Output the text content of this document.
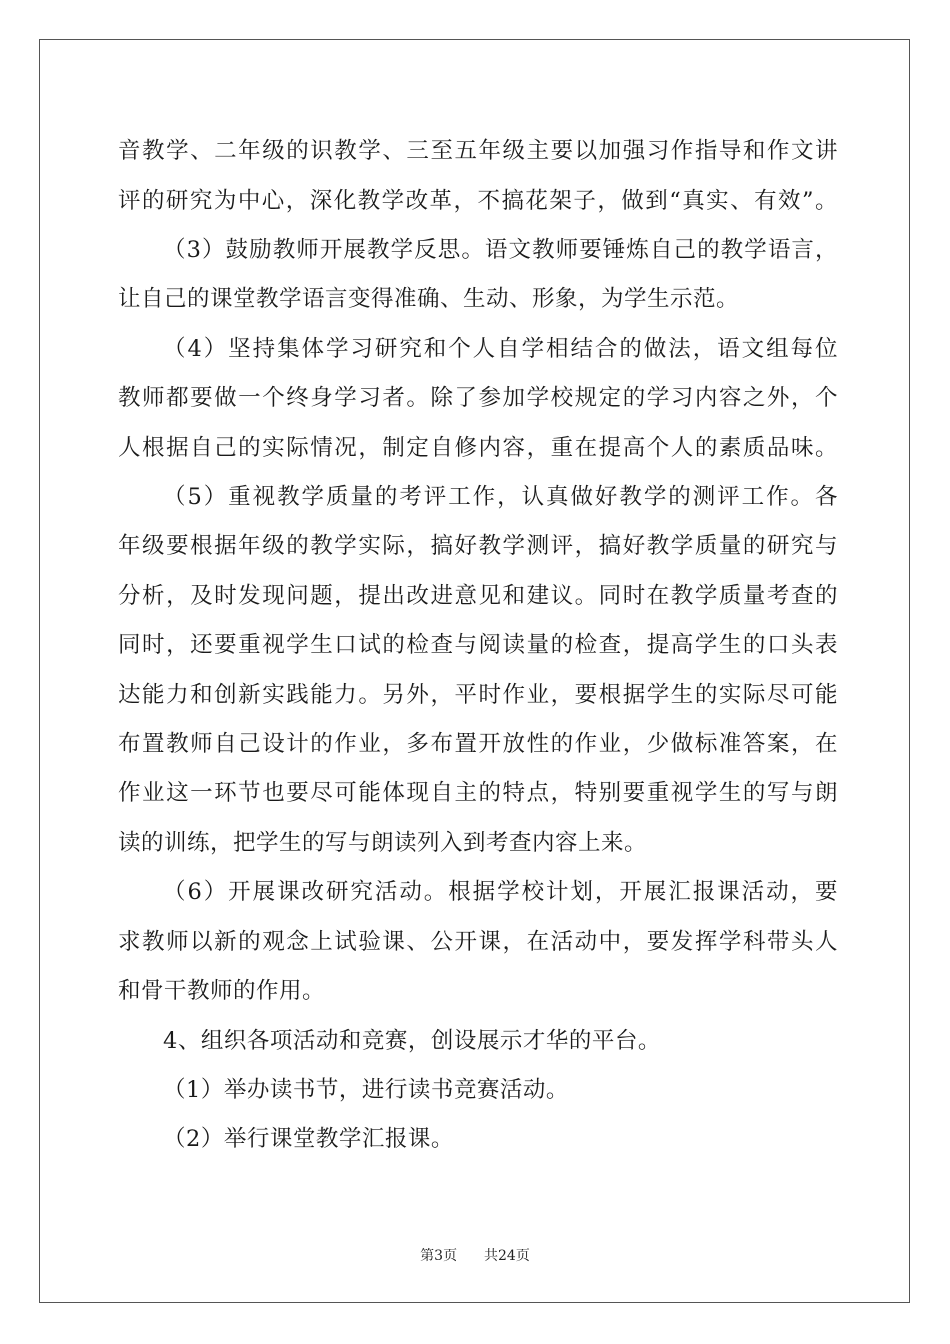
音教学、二年级的识教学、三至五年级主要以加强习作指导和作文讲
评的研究为中心，深化教学改革，不搞花架子，做到“真实、有效”。
（3）鼓励教师开展教学反思。语文教师要锤炼自己的教学语言，
让自己的课堂教学语言变得准确、生动、形象，为学生示范。
（4）坚持集体学习研究和个人自学相结合的做法，语文组每位
教师都要做一个终身学习者。除了参加学校规定的学习内容之外，个
人根据自己的实际情况，制定自修内容，重在提高个人的素质品味。
（5）重视教学质量的考评工作，认真做好教学的测评工作。各
年级要根据年级的教学实际，搞好教学测评，搞好教学质量的研究与
分析，及时发现问题，提出改进意见和建议。同时在教学质量考查的
同时，还要重视学生口试的检查与阅读量的检查，提高学生的口头表
达能力和创新实践能力。另外，平时作业，要根据学生的实际尽可能
布置教师自己设计的作业，多布置开放性的作业，少做标准答案，在
作业这一环节也要尽可能体现自主的特点，特别要重视学生的写与朗
读的训练，把学生的写与朗读列入到考查内容上来。
（6）开展课改研究活动。根据学校计划，开展汇报课活动，要
求教师以新的观念上试验课、公开课，在活动中，要发挥学科带头人
和骨干教师的作用。
4、组织各项活动和竞赛，创设展示才华的平台。
（1）举办读书节，进行读书竞赛活动。
（2）举行课堂教学汇报课。
第3页 共24页
